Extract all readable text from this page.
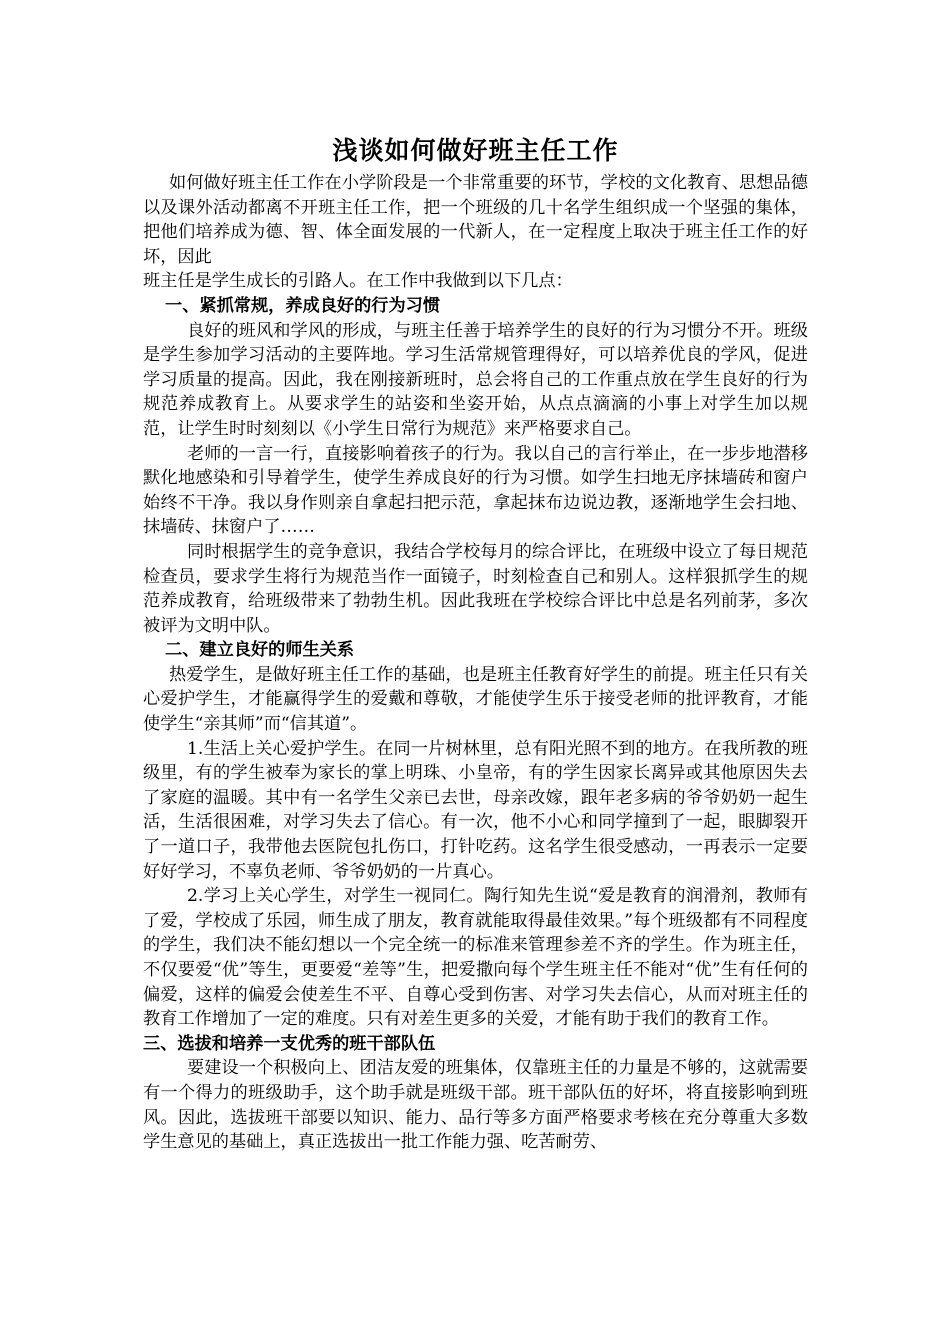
浅谈如何做好班主任工作

如何做好班主任工作在小学阶段是一个非常重要的环节，学校的文化教育、思想品德以及课外活动都离不开班主任工作，把一个班级的几十名学生组织成一个坚强的集体，把他们培养成为德、智、体全面发展的一代新人，在一定程度上取决于班主任工作的好坏，因此

班主任是学生成长的引路人。在工作中我做到以下几点：

一、紧抓常规，养成良好的行为习惯

良好的班风和学风的形成，与班主任善于培养学生的良好的行为习惯分不开。班级是学生参加学习活动的主要阵地。学习生活常规管理得好，可以培养优良的学风，促进学习质量的提高。因此，我在刚接新班时，总会将自己的工作重点放在学生良好的行为规范养成教育上。从要求学生的站姿和坐姿开始，从点点滴滴的小事上对学生加以规范，让学生时时刻刻以《小学生日常行为规范》来严格要求自己。

老师的一言一行，直接影响着孩子的行为。我以自己的言行举止，在一步步地潜移默化地感染和引导着学生，使学生养成良好的行为习惯。如学生扫地无序抹墙砖和窗户始终不干净。我以身作则亲自拿起扫把示范，拿起抹布边说边教，逐渐地学生会扫地、抹墙砖、抹窗户了……

同时根据学生的竞争意识，我结合学校每月的综合评比，在班级中设立了每日规范检查员，要求学生将行为规范当作一面镜子，时刻检查自己和别人。这样狠抓学生的规范养成教育，给班级带来了勃勃生机。因此我班在学校综合评比中总是名列前茅，多次被评为文明中队。

二、建立良好的师生关系

热爱学生，是做好班主任工作的基础，也是班主任教育好学生的前提。班主任只有关心爱护学生，才能赢得学生的爱戴和尊敬，才能使学生乐于接受老师的批评教育，才能使学生“亲其师”而“信其道”。

1.生活上关心爱护学生。在同一片树林里，总有阳光照不到的地方。在我所教的班级里，有的学生被奉为家长的掌上明珠、小皇帝，有的学生因家长离异或其他原因失去了家庭的温暖。其中有一名学生父亲已去世，母亲改嫁，跟年老多病的爷爷奶奶一起生活，生活很困难，对学习失去了信心。有一次，他不小心和同学撞到了一起，眼脚裂开了一道口子，我带他去医院包扎伤口，打针吃药。这名学生很受感动，一再表示一定要好好学习，不辜负老师、爷爷奶奶的一片真心。

2.学习上关心学生，对学生一视同仁。陶行知先生说“爱是教育的润滑剂，教师有了爱，学校成了乐园，师生成了朋友，教育就能取得最佳效果。”每个班级都有不同程度的学生，我们决不能幻想以一个完全统一的标准来管理参差不齐的学生。作为班主任，不仅要爱“优”等生，更要爱“差等”生，把爱撒向每个学生班主任不能对“优”生有任何的偏爱，这样的偏爱会使差生不平、自尊心受到伤害、对学习失去信心，从而对班主任的教育工作增加了一定的难度。只有对差生更多的关爱，才能有助于我们的教育工作。

三、选拔和培养一支优秀的班干部队伍

要建设一个积极向上、团洁友爱的班集体，仅靠班主任的力量是不够的，这就需要有一个得力的班级助手，这个助手就是班级干部。班干部队伍的好坏，将直接影响到班风。因此，选拔班干部要以知识、能力、品行等多方面严格要求考核在充分尊重大多数学生意见的基础上，真正选拔出一批工作能力强、吃苦耐劳、
